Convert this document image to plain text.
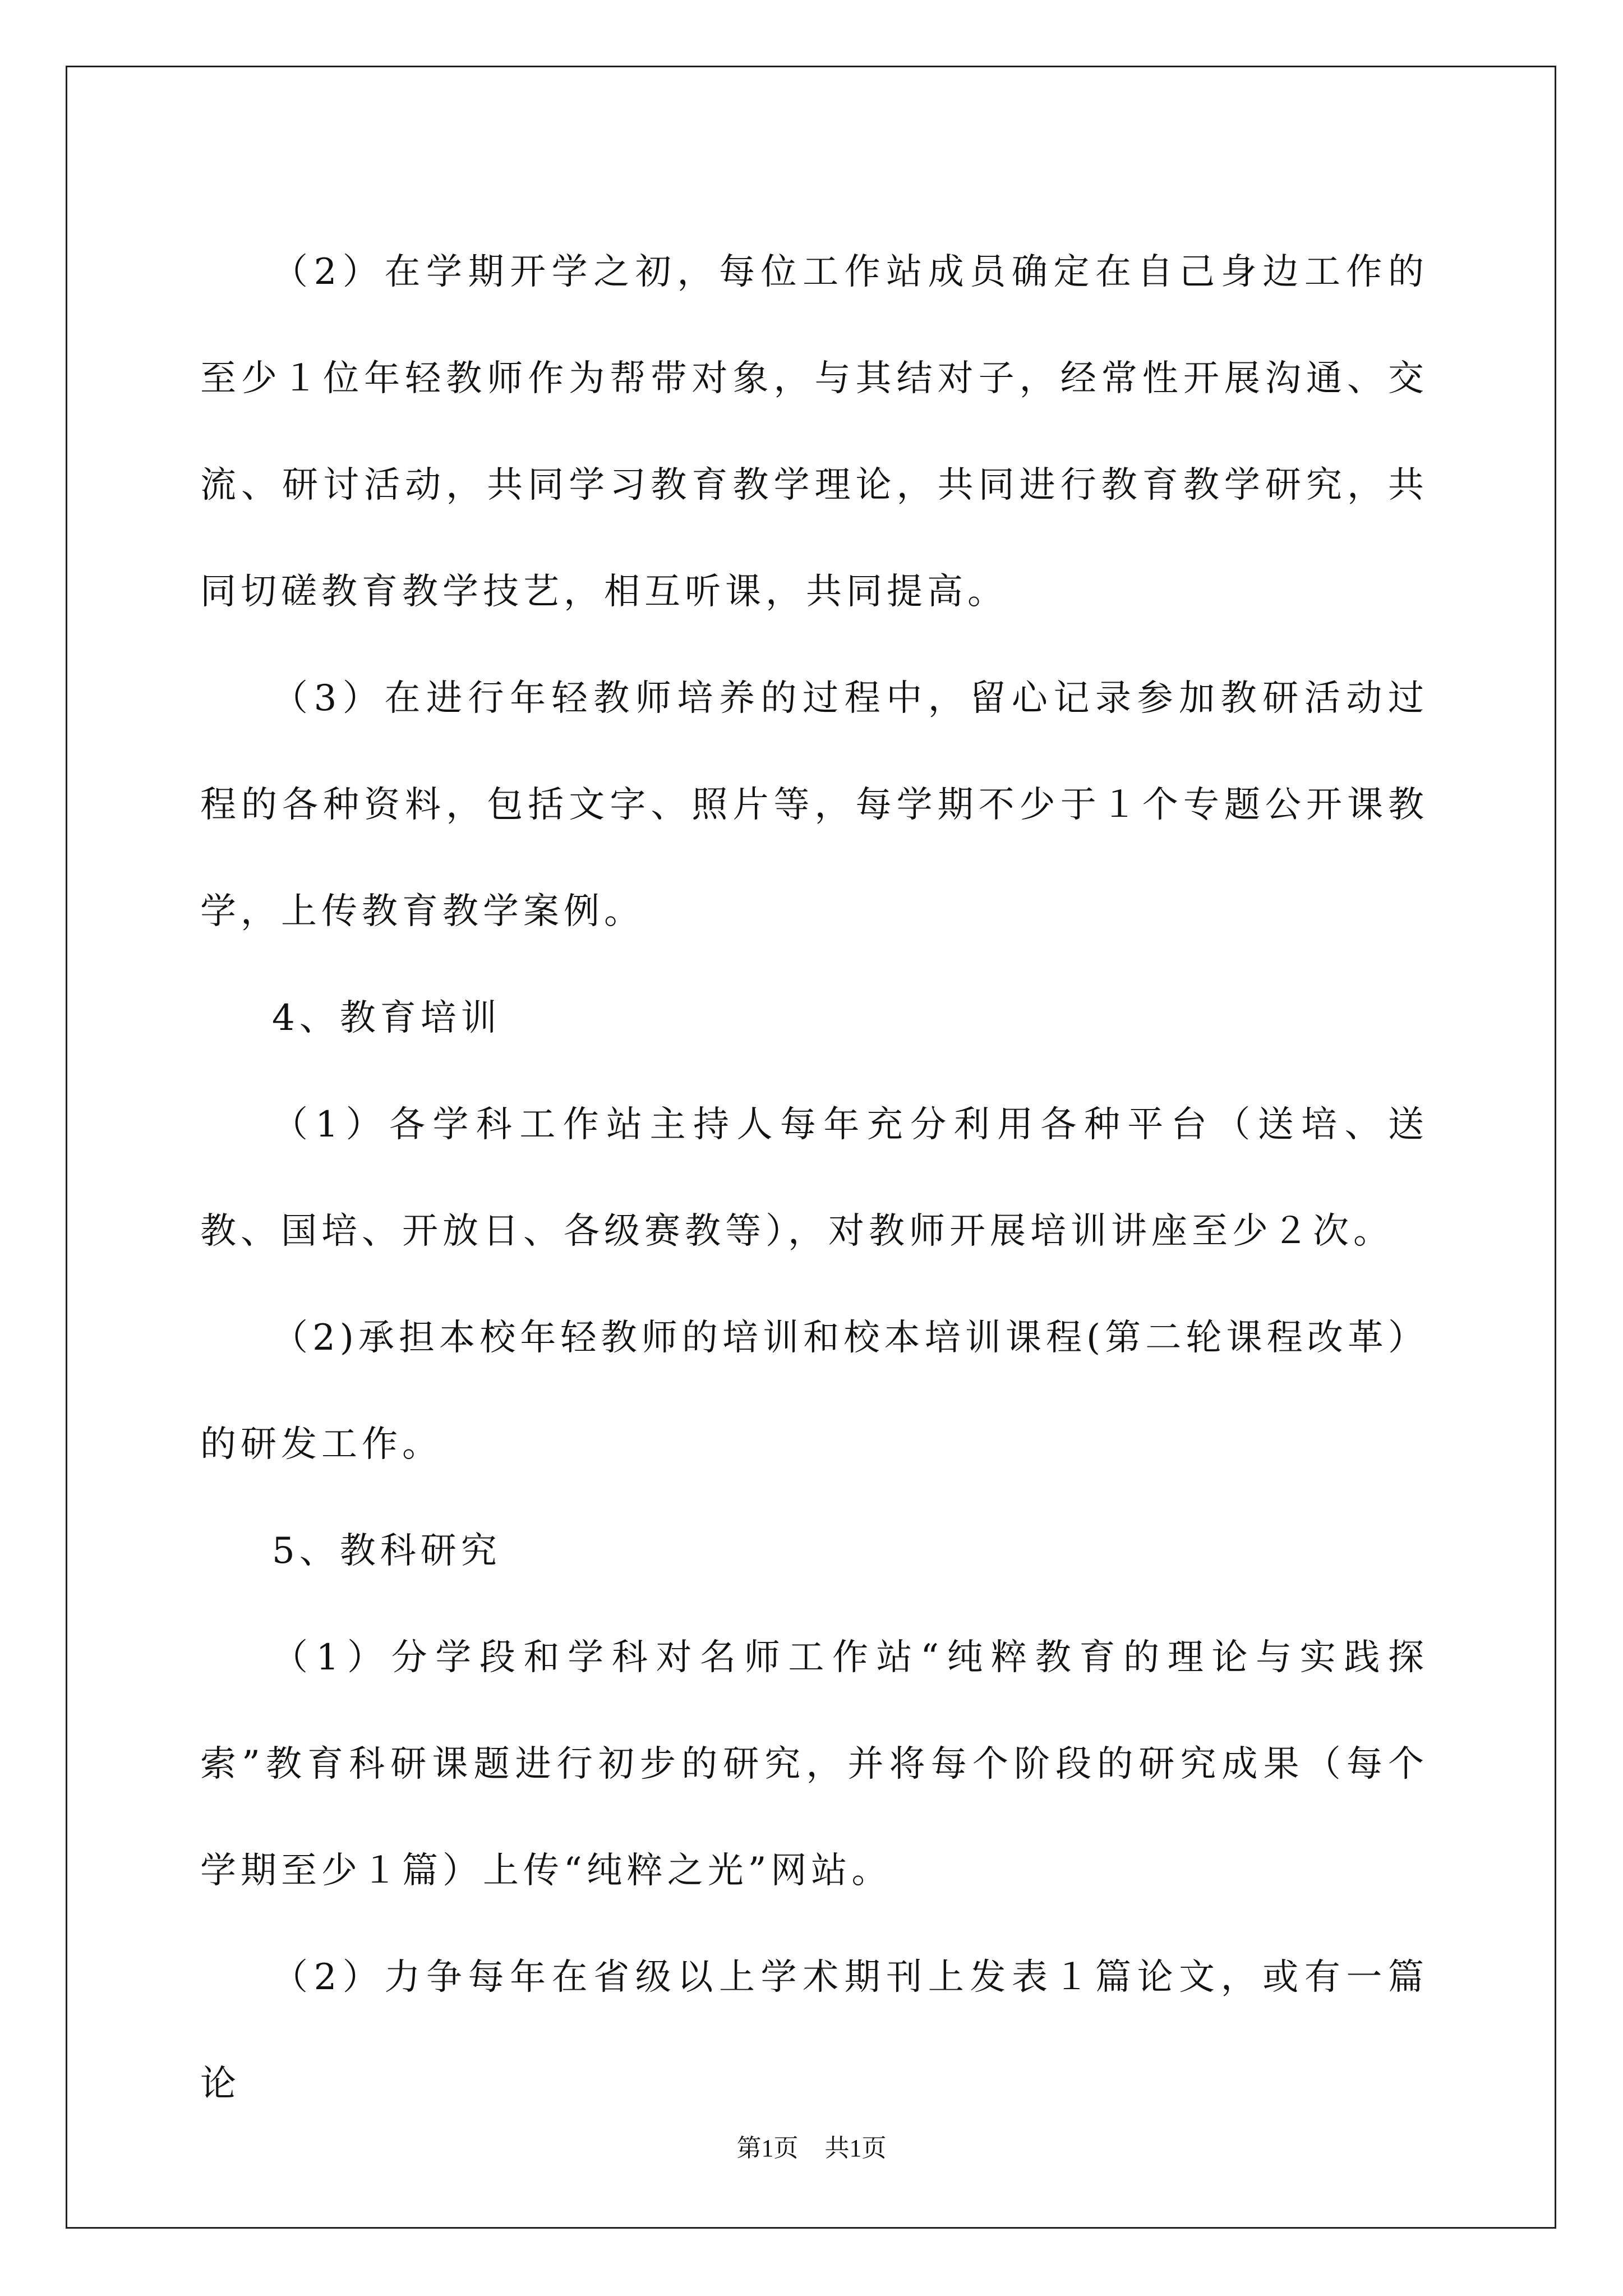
（2）在学期开学之初，每位工作站成员确定在自己身边工作的至少１位年轻教师作为帮带对象，与其结对子，经常性开展沟通、交流、研讨活动，共同学习教育教学理论，共同进行教育教学研究，共同切磋教育教学技艺，相互听课，共同提高。

（3）在进行年轻教师培养的过程中，留心记录参加教研活动过程的各种资料，包括文字、照片等，每学期不少于１个专题公开课教学，上传教育教学案例。

4、教育培训

（1）各学科工作站主持人每年充分利用各种平台（送培、送教、国培、开放日、各级赛教等），对教师开展培训讲座至少２次。

（2)承担本校年轻教师的培训和校本培训课程(第二轮课程改革）的研发工作。

5、教科研究

（1）分学段和学科对名师工作站“纯粹教育的理论与实践探索”教育科研课题进行初步的研究，并将每个阶段的研究成果（每个学期至少１篇）上传“纯粹之光”网站。

（2）力争每年在省级以上学术期刊上发表１篇论文，或有一篇论

第1页 共1页
